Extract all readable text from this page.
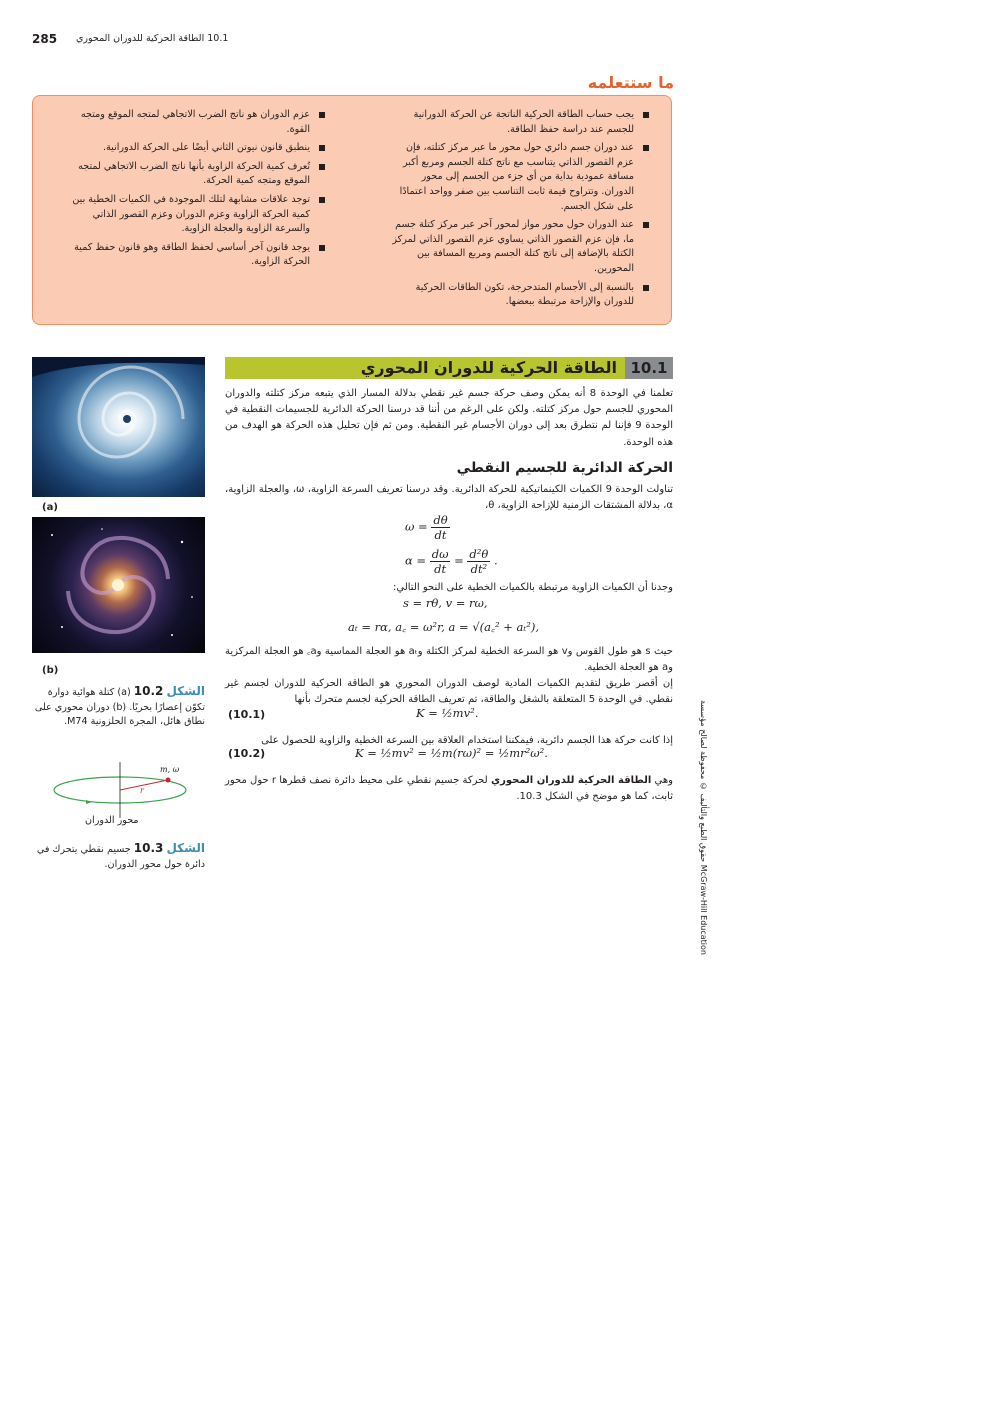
285 10.1 الطاقة الحركية للدوران المحوري
ما ستتعلمه
يجب حساب الطاقة الحركية الناتجة عن الحركة الدورانية للجسم عند دراسة حفظ الطاقة.
عند دوران جسم دائري حول محور ما عبر مركز كتلته، فإن عزم القصور الذاتي يتناسب مع ناتج كتلة الجسم ومربع أكبر مسافة عمودية بداية من أي جزء من الجسم إلى محور الدوران. وتتراوح قيمة ثابت التناسب بين صفر وواحد اعتمادًا على شكل الجسم.
عند الدوران حول محور مواز لمحور آخر عبر مركز كتلة جسم ما، فإن عزم القصور الذاتي يساوي عزم القصور الذاتي لمركز الكتلة بالإضافة إلى ناتج كتلة الجسم ومربع المسافة بين المحورين.
بالنسبة إلى الأجسام المتدحرجة، تكون الطاقات الحركية للدوران والإزاحة مرتبطة ببعضها.
عزم الدوران هو ناتج الضرب الاتجاهي لمتجه الموقع ومتجه القوة.
ينطبق قانون نيوتن الثاني أيضًا على الحركة الدورانية.
تُعرف كمية الحركة الزاوية بأنها ناتج الضرب الاتجاهي لمتجه الموقع ومتجه كمية الحركة.
توجد علاقات مشابهة لتلك الموجودة في الكميات الخطية بين كمية الحركة الزاوية وعزم الدوران وعزم القصور الذاتي والسرعة الزاوية والعجلة الزاوية.
يوجد قانون آخر أساسي لحفظ الطاقة وهو قانون حفظ كمية الحركة الزاوية.
(a)
(b)
الشكل 10.2 (a) كتلة هوائية دوارة تكوّن إعصارًا بحريًا. (b) دوران محوري على نطاق هائل، المجرة الحلزونية M74.
m, ω
r
محور الدوران
الشكل 10.3 جسيم نقطي يتحرك في دائرة حول محور الدوران.
10.1
الطاقة الحركية للدوران المحوري
تعلمنا في الوحدة 8 أنه يمكن وصف حركة جسم غير نقطي بدلالة المسار الذي يتبعه مركز كتلته والدوران المحوري للجسم حول مركز كتلته. ولكن على الرغم من أننا قد درسنا الحركة الدائرية للجسيمات النقطية في الوحدة 9 فإننا لم نتطرق بعد إلى دوران الأجسام غير النقطية. ومن ثم فإن تحليل هذه الحركة هو الهدف من هذه الوحدة.
الحركة الدائرية للجسيم النقطي
تناولت الوحدة 9 الكميات الكينماتيكية للحركة الدائرية. وقد درسنا تعريف السرعة الزاوية، ω، والعجلة الزاوية، α، بدلالة المشتقات الزمنية للإزاحة الزاوية، θ،
$\omega = \frac{d\theta}{dt}$
$\alpha = \frac{d\omega}{dt} = \frac{\text{d²θ}}{\text{dt²}}$ .
وجدنا أن الكميات الزاوية مرتبطة بالكميات الخطية على النحو التالي:
s = rθ, v = rω,
aₜ = rα, a꜀ = ω²r, a = √(a꜀² + aₜ²),
حيث s هو طول القوس وv هو السرعة الخطية لمركز الكتلة وaₜ هو العجلة المماسية وa꜀ هو العجلة المركزية وa هو العجلة الخطية.
إن أقصر طريق لتقديم الكميات المادية لوصف الدوران المحوري هو الطاقة الحركية للدوران لجسم غير نقطي. في الوحدة 5 المتعلقة بالشغل والطاقة، تم تعريف الطاقة الحركية لجسم متحرك بأنها
(10.1)	K = ½mv².
إذا كانت حركة هذا الجسم دائرية، فيمكننا استخدام العلاقة بين السرعة الخطية والزاوية للحصول على
(10.2)	K = ½mv² = ½m(rω)² = ½mr²ω².
وهي الطاقة الحركية للدوران المحوري لحركة جسيم نقطي على محيط دائرة نصف قطرها r حول محور ثابت، كما هو موضح في الشكل 10.3.	حقوق الطبع والتأليف © محفوظة لصالح مؤسسة McGraw-Hill Education
